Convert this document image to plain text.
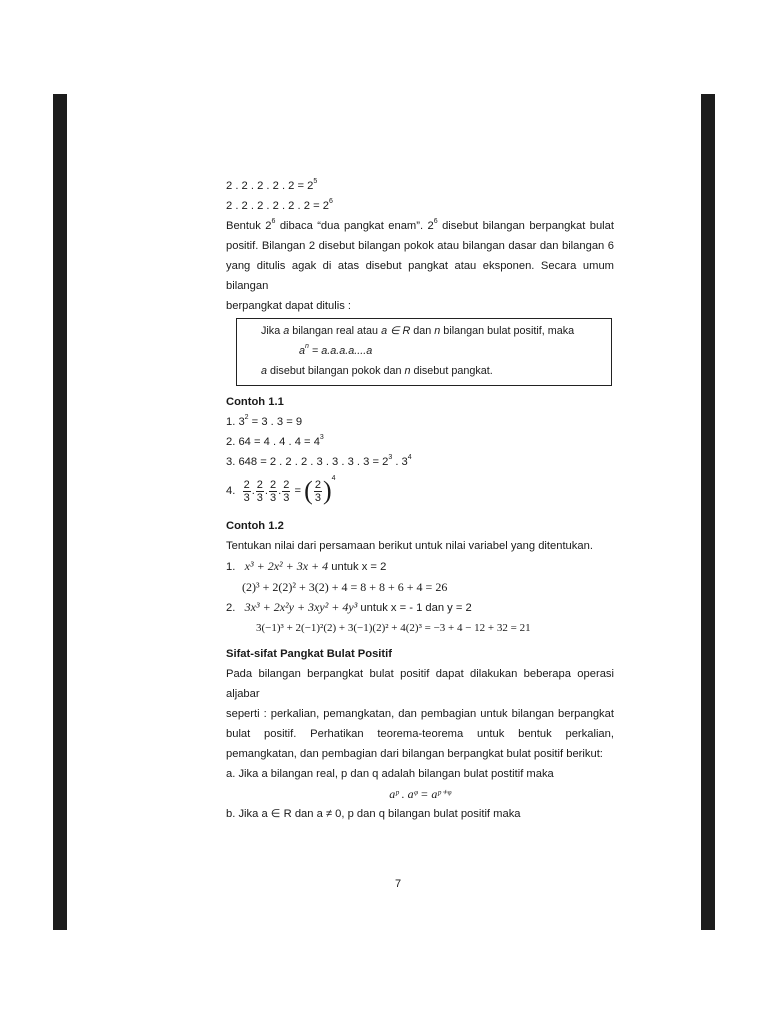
2 . 2 . 2 . 2 . $2 = 2^5$
2 . 2 . 2 . 2 . 2 . $2 = 2^6$
Bentuk $2^6$ dibaca “dua pangkat enam”. $2^6$ disebut bilangan berpangkat bulat
positif. Bilangan 2 disebut bilangan pokok atau bilangan dasar dan bilangan 6
yang ditulis agak di atas disebut pangkat atau eksponen. Secara umum bilangan
berpangkat dapat ditulis :
Jika a bilangan real atau a ∈ R dan n bilangan bulat positif, maka
$a^n = a.a.a.a....a$
a disebut bilangan pokok dan n disebut pangkat.
Contoh 1.1
1. $3^2 = 3$ . 3 = 9
2. 64 = 4 . 4 . $4 = 4^3$
3. 648 = 2 . 2 . 2 . 3 . 3 . 3 . $3 = 2^3$ . $3^4$
4.
$\frac{2}{3}$ . $\frac{2}{3}$ . $\frac{2}{3}$ . $\frac{2}{3}$ = ( $\frac{2}{3} )^4$
Contoh 1.2
Tentukan nilai dari persamaan berikut untuk nilai variabel yang ditentukan.
1. x³ + 2x² + 3x + 4 untuk x = 2
(2)³ + 2(2)² + 3(2) + 4 = 8 + 8 + 6 + 4 = 26
2. 3x³ + 2x²y + 3xy² + 4y³ untuk x = - 1 dan y = 2
3(−1)³ + 2(−1)²(2) + 3(−1)(2)² + 4(2)³ = −3 + 4 − 12 + 32 = 21
Sifat-sifat Pangkat Bulat Positif
Pada bilangan berpangkat bulat positif dapat dilakukan beberapa operasi aljabar
seperti : perkalian, pemangkatan, dan pembagian untuk bilangan berpangkat
bulat positif. Perhatikan teorema-teorema untuk bentuk perkalian,
pemangkatan, dan pembagian dari bilangan berpangkat bulat positif berikut:
a. Jika a bilangan real, p dan q adalah bilangan bulat postitif maka
aᵖ . aᵠ = aᵖ⁺ᵠ
b. Jika a ∈ R dan a ≠ 0, p dan q bilangan bulat positif maka
7
